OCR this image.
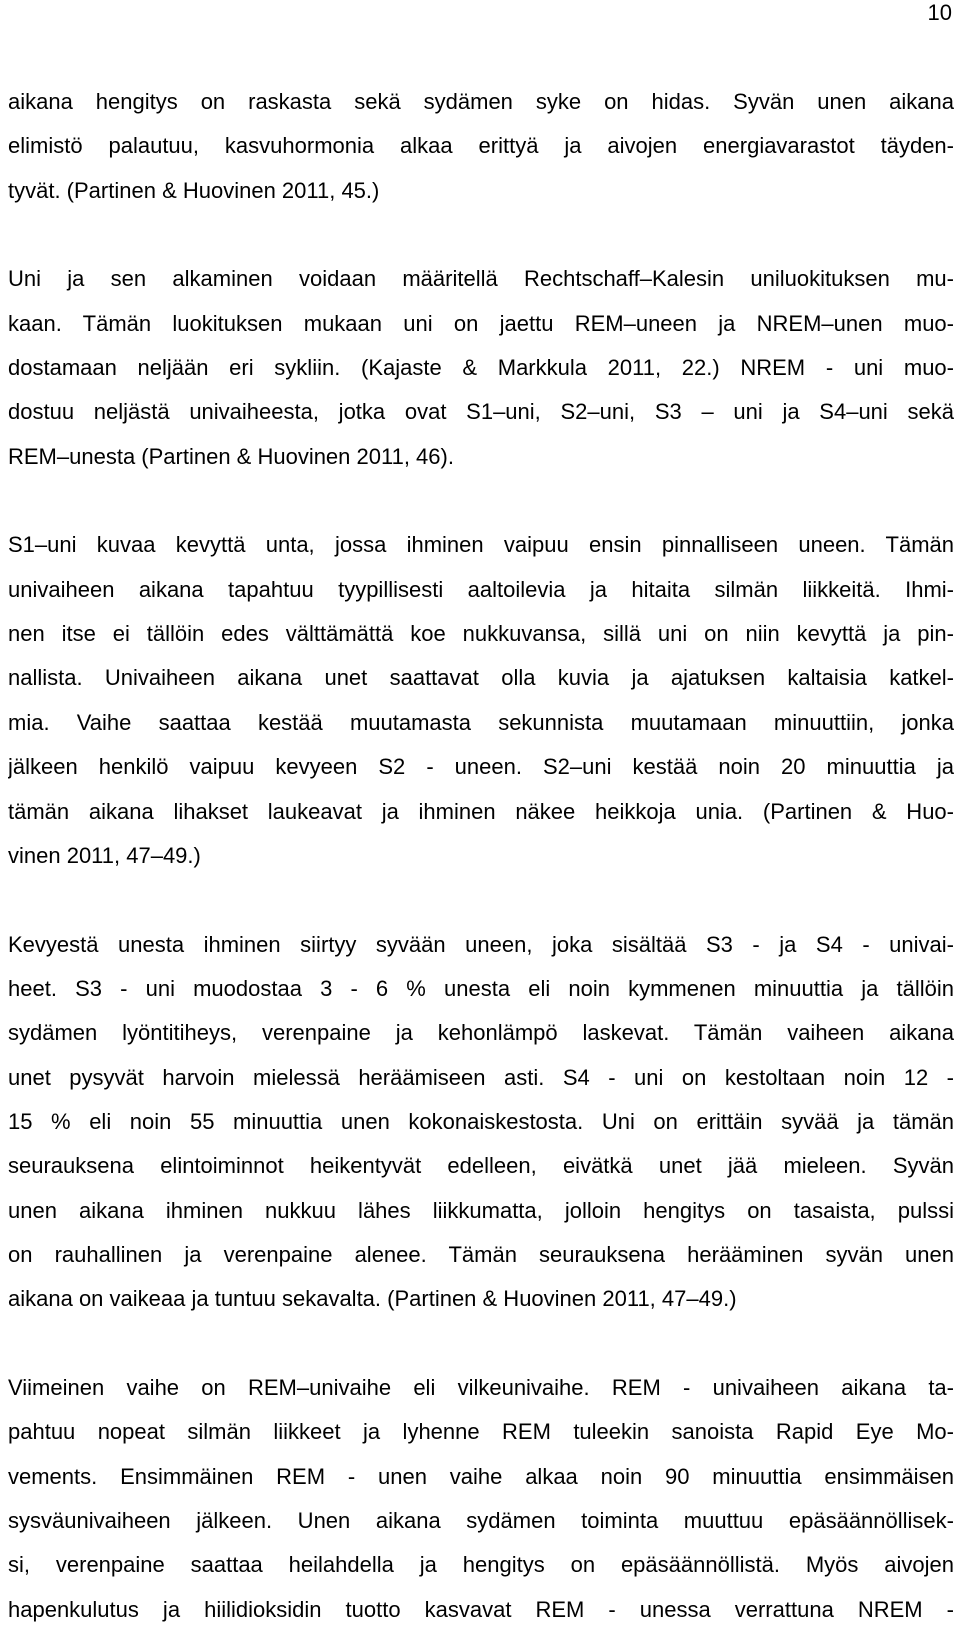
10
aikana hengitys on raskasta sekä sydämen syke on hidas. Syvän unen aikana
elimistö palautuu, kasvuhormonia alkaa erittyä ja aivojen energiavarastot täyden-
tyvät. (Partinen & Huovinen 2011, 45.)
Uni ja sen alkaminen voidaan määritellä Rechtschaff–Kalesin uniluokituksen mu-
kaan. Tämän luokituksen mukaan uni on jaettu REM–uneen ja NREM–unen muo-
dostamaan neljään eri sykliin. (Kajaste & Markkula 2011, 22.) NREM - uni muo-
dostuu neljästä univaiheesta, jotka ovat S1–uni, S2–uni, S3 – uni ja S4–uni sekä
REM–unesta (Partinen & Huovinen 2011, 46).
S1–uni kuvaa kevyttä unta, jossa ihminen vaipuu ensin pinnalliseen uneen. Tämän
univaiheen aikana tapahtuu tyypillisesti aaltoilevia ja hitaita silmän liikkeitä. Ihmi-
nen itse ei tällöin edes välttämättä koe nukkuvansa, sillä uni on niin kevyttä ja pin-
nallista. Univaiheen aikana unet saattavat olla kuvia ja ajatuksen kaltaisia katkel-
mia. Vaihe saattaa kestää muutamasta sekunnista muutamaan minuuttiin, jonka
jälkeen henkilö vaipuu kevyeen S2 - uneen. S2–uni kestää noin 20 minuuttia ja
tämän aikana lihakset laukeavat ja ihminen näkee heikkoja unia. (Partinen & Huo-
vinen 2011, 47–49.)
Kevyestä unesta ihminen siirtyy syvään uneen, joka sisältää S3 - ja S4 - univai-
heet. S3 - uni muodostaa 3 - 6 % unesta eli noin kymmenen minuuttia ja tällöin
sydämen lyöntitiheys, verenpaine ja kehonlämpö laskevat. Tämän vaiheen aikana
unet pysyvät harvoin mielessä heräämiseen asti. S4 - uni on kestoltaan noin 12 -
15 % eli noin 55 minuuttia unen kokonaiskestosta. Uni on erittäin syvää ja tämän
seurauksena elintoiminnot heikentyvät edelleen, eivätkä unet jää mieleen. Syvän
unen aikana ihminen nukkuu lähes liikkumatta, jolloin hengitys on tasaista, pulssi
on rauhallinen ja verenpaine alenee. Tämän seurauksena herääminen syvän unen
aikana on vaikeaa ja tuntuu sekavalta. (Partinen & Huovinen 2011, 47–49.)
Viimeinen vaihe on REM–univaihe eli vilkeunivaihe. REM - univaiheen aikana ta-
pahtuu nopeat silmän liikkeet ja lyhenne REM tuleekin sanoista Rapid Eye Mo-
vements. Ensimmäinen REM - unen vaihe alkaa noin 90 minuuttia ensimmäisen
sysväunivaiheen jälkeen. Unen aikana sydämen toiminta muuttuu epäsäännöllisek-
si, verenpaine saattaa heilahdella ja hengitys on epäsäännöllistä. Myös aivojen
hapenkulutus ja hiilidioksidin tuotto kasvavat REM - unessa verrattuna NREM -
